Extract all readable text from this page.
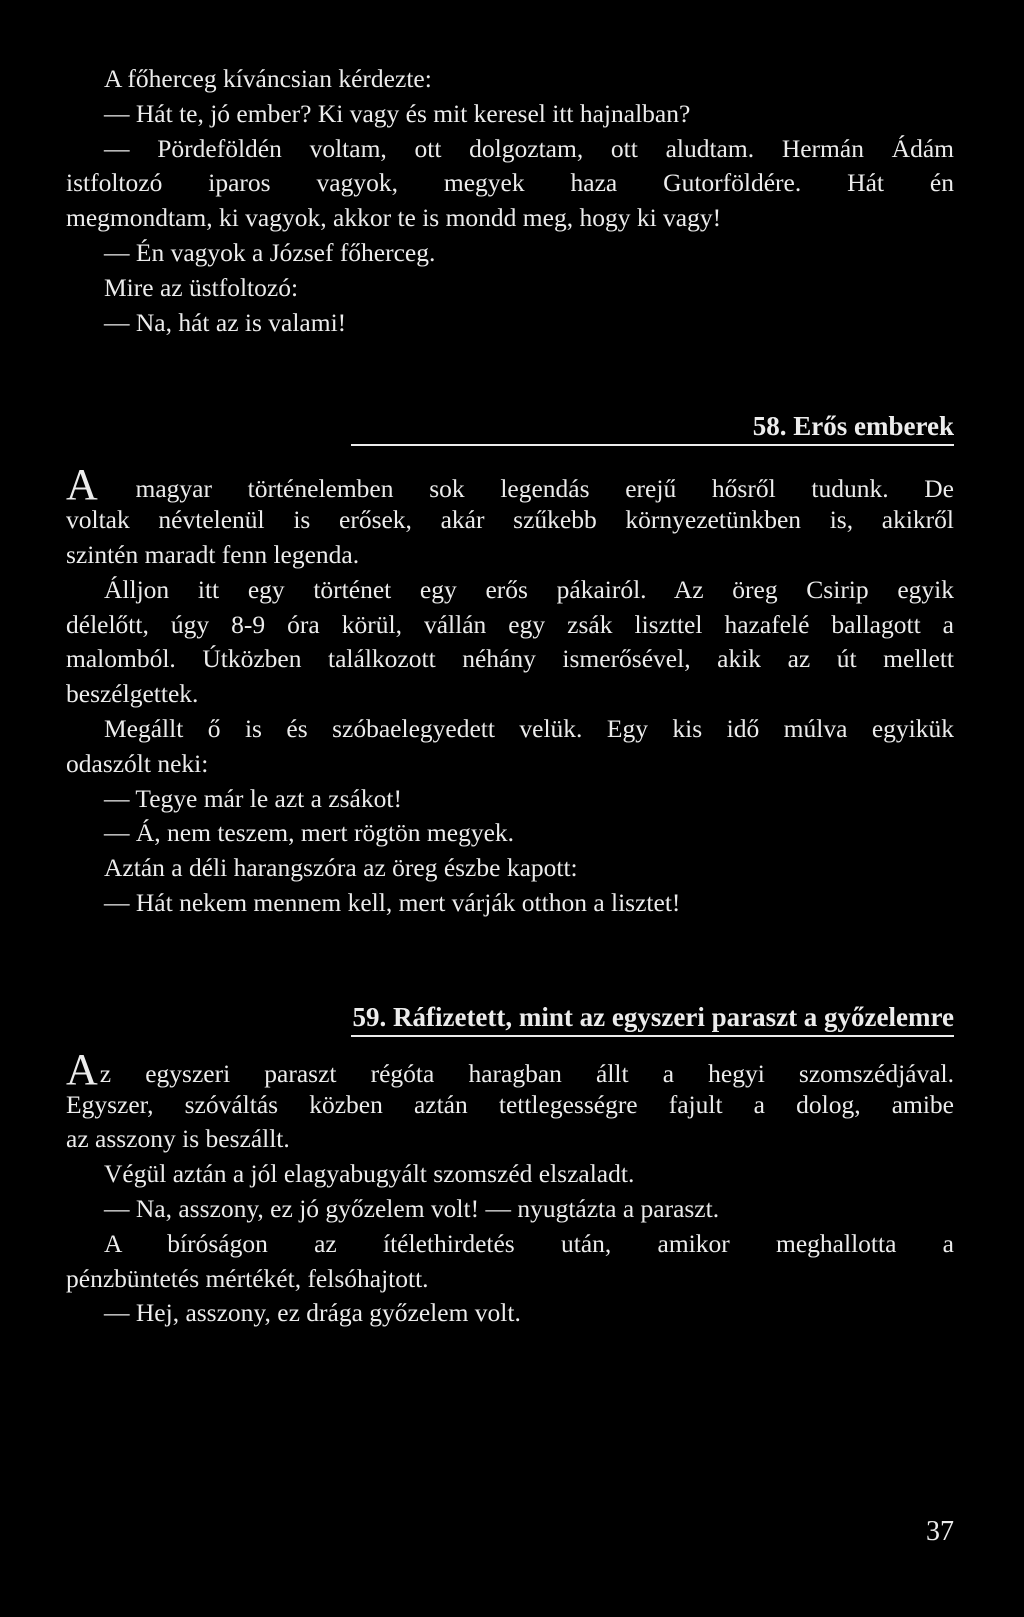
A főherceg kíváncsian kérdezte:
— Hát te, jó ember? Ki vagy és mit keresel itt hajnalban?
— Pördeföldén voltam, ott dolgoztam, ott aludtam. Hermán Ádám
istfoltozó iparos vagyok, megyek haza Gutorföldére. Hát én
megmondtam, ki vagyok, akkor te is mondd meg, hogy ki vagy!
— Én vagyok a József főherceg.
Mire az üstfoltozó:
— Na, hát az is valami!
58. Erős emberek
A magyar történelemben sok legendás erejű hősről tudunk. De
voltak névtelenül is erősek, akár szűkebb környezetünkben is, akikről
szintén maradt fenn legenda.
Álljon itt egy történet egy erős pákairól. Az öreg Csirip egyik
délelőtt, úgy 8-9 óra körül, vállán egy zsák liszttel hazafelé ballagott a
malomból. Útközben találkozott néhány ismerősével, akik az út mellett
beszélgettek.
Megállt ő is és szóbaelegyedett velük. Egy kis idő múlva egyikük
odaszólt neki:
— Tegye már le azt a zsákot!
— Á, nem teszem, mert rögtön megyek.
Aztán a déli harangszóra az öreg észbe kapott:
— Hát nekem mennem kell, mert várják otthon a lisztet!
59. Ráfizetett, mint az egyszeri paraszt a győzelemre
Az egyszeri paraszt régóta haragban állt a hegyi szomszédjával.
Egyszer, szóváltás közben aztán tettlegességre fajult a dolog, amibe
az asszony is beszállt.
Végül aztán a jól elagyabugyált szomszéd elszaladt.
— Na, asszony, ez jó győzelem volt! — nyugtázta a paraszt.
A bíróságon az ítélethirdetés után, amikor meghallotta a
pénzbüntetés mértékét, felsóhajtott.
— Hej, asszony, ez drága győzelem volt.
37
